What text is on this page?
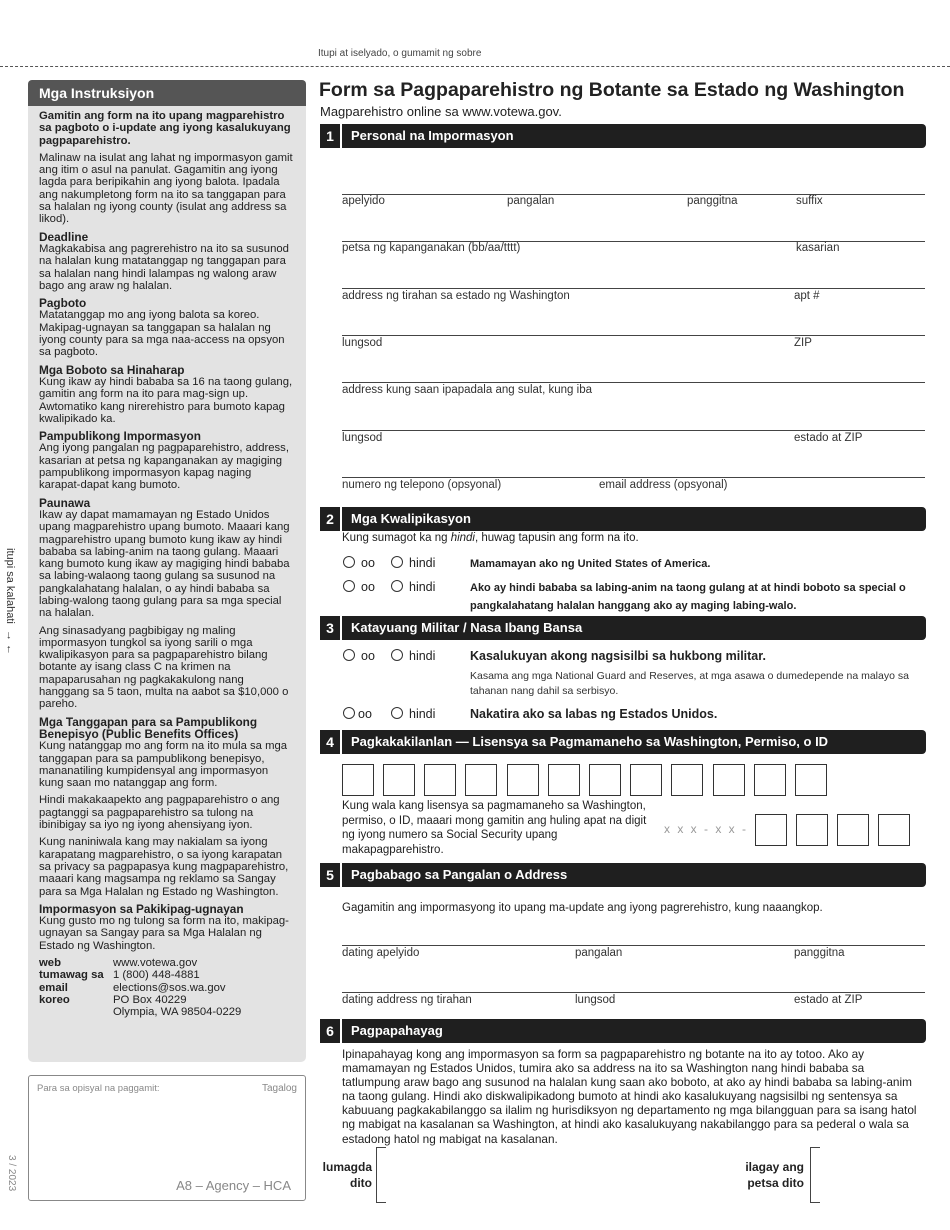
Itupi at iselyado, o gumamit ng sobre
itupi sa kalahati  → ←
3 / 2023
Mga Instruksiyon

Gamitin ang form na ito upang magparehistro sa pagboto o i-update ang iyong kasalukuyang pagpaparehistro.

Malinaw na isulat ang lahat ng impormasyon gamit ang itim o asul na panulat. Gagamitin ang iyong lagda para beripikahin ang iyong balota. Ipadala ang nakumpletong form na ito sa tanggapan para sa halalan ng iyong county (isulat ang address sa likod).

Deadline

Magkakabisa ang pagrerehistro na ito sa susunod na halalan kung matatanggap ng tanggapan para sa halalan nang hindi lalampas ng walong araw bago ang araw ng halalan.

Pagboto

Matatanggap mo ang iyong balota sa koreo. Makipag-ugnayan sa tanggapan sa halalan ng iyong county para sa mga naa-access na opsyon sa pagboto.

Mga Boboto sa Hinaharap

Kung ikaw ay hindi bababa sa 16 na taong gulang, gamitin ang form na ito para mag-sign up. Awtomatiko kang nirerehistro para bumoto kapag kwalipikado ka.

Pampublikong Impormasyon

Ang iyong pangalan ng pagpaparehistro, address, kasarian at petsa ng kapanganakan ay magiging pampublikong impormasyon kapag naging karapat-dapat kang bumoto.

Paunawa

Ikaw ay dapat mamamayan ng Estado Unidos upang magparehistro upang bumoto. Maaari kang magparehistro upang bumoto kung ikaw ay hindi bababa sa labing-anim na taong gulang. Maaari kang bumoto kung ikaw ay magiging hindi bababa sa labing-walaong taong gulang sa susunod na pangkalahatang halalan, o ay hindi bababa sa labing-walong taong gulang para sa mga special na halalan.

Ang sinasadyang pagbibigay ng maling impormasyon tungkol sa iyong sarili o mga kwalipikasyon para sa pagpaparehistro bilang botante ay isang class C na krimen na mapaparusahan ng pagkakakulong nang hanggang sa 5 taon, multa na aabot sa $10,000 o pareho.

Mga Tanggapan para sa Pampublikong Benepisyo (Public Benefits Offices)

Kung natanggap mo ang form na ito mula sa mga tanggapan para sa pampublikong benepisyo, mananatiling kumpidensyal ang impormasyon kung saan mo natanggap ang form.

Hindi makakaapekto ang pagpaparehistro o ang pagtanggi sa pagpaparehistro sa tulong na ibinibigay sa iyo ng iyong ahensiyang iyon.

Kung naniniwala kang may nakialam sa iyong karapatang magparehistro, o sa iyong karapatan sa privacy sa pagpapasya kung magpaparehistro, maaari kang magsampa ng reklamo sa Sangay para sa Mga Halalan ng Estado ng Washington.

Impormasyon sa Pakikipag-ugnayan

Kung gusto mo ng tulong sa form na ito, makipag-ugnayan sa Sangay para sa Mga Halalan ng Estado ng Washington.

web	www.votewa.gov
tumawag sa 1 (800) 448-4881
email	elections@sos.wa.gov
koreo	PO Box 40229
Olympia, WA 98504-0229
Para sa opisyal na paggamit:	Tagalog
A8 – Agency – HCA
Form sa Pagpaparehistro ng Botante sa Estado ng Washington
Magparehistro online sa www.votewa.gov.
1	Personal na Impormasyon
apelyido	pangalan	panggitna	suffix
petsa ng kapanganakan (bb/aa/tttt)	kasarian
address ng tirahan sa estado ng Washington	apt #
lungsod	ZIP
address kung saan ipapadala ang sulat, kung iba
lungsod	estado at ZIP
numero ng telepono (opsyonal)	email address (opsyonal)
2	Mga Kwalipikasyon
Kung sumagot ka ng hindi, huwag tapusin ang form na ito.
oo	hindi	Mamamayan ako ng United States of America.
oo	hindi	Ako ay hindi bababa sa labing-anim na taong gulang at at hindi boboto sa special o pangkalahatang halalan hanggang ako ay maging labing-walo.
3	Katayuang Militar / Nasa Ibang Bansa
oo	hindi	Kasalukuyan akong nagsisilbi sa hukbong militar.
Kasama ang mga National Guard and Reserves, at mga asawa o dumedepende na malayo sa tahanan nang dahil sa serbisyo.
oo	hindi	Nakatira ako sa labas ng Estados Unidos.
4	Pagkakakilanlan — Lisensya sa Pagmamaneho sa Washington, Permiso, o ID
Kung wala kang lisensya sa pagmamaneho sa Washington, permiso, o ID, maaari mong gamitin ang huling apat na digit ng iyong numero sa Social Security upang makapagparehistro.
x x x - x x -
5	Pagbabago sa Pangalan o Address
Gagamitin ang impormasyong ito upang ma-update ang iyong pagrerehistro, kung naaangkop.
dating apelyido	pangalan	panggitna
dating address ng tirahan	lungsod	estado at ZIP
6	Pagpapahayag
Ipinapahayag kong ang impormasyon sa form sa pagpaparehistro ng botante na ito ay totoo. Ako ay mamamayan ng Estados Unidos, tumira ako sa address na ito sa Washington nang hindi bababa sa tatlumpung araw bago ang susunod na halalan kung saan ako boboto, at ako ay hindi bababa sa labing-anim na taong gulang. Hindi ako diskwalipikadong bumoto at hindi ako kasalukuyang nagsisilbi ng sentensya sa kabuuang pagkakabilanggo sa ilalim ng hurisdiksyon ng departamento ng mga bilangguan para sa isang hatol ng mabigat na kasalanan sa Washington, at hindi ako kasalukuyang nakabilanggo para sa pederal o wala sa estadong hatol ng mabigat na kasalanan.
lumagda
dito
ilagay ang
petsa dito
